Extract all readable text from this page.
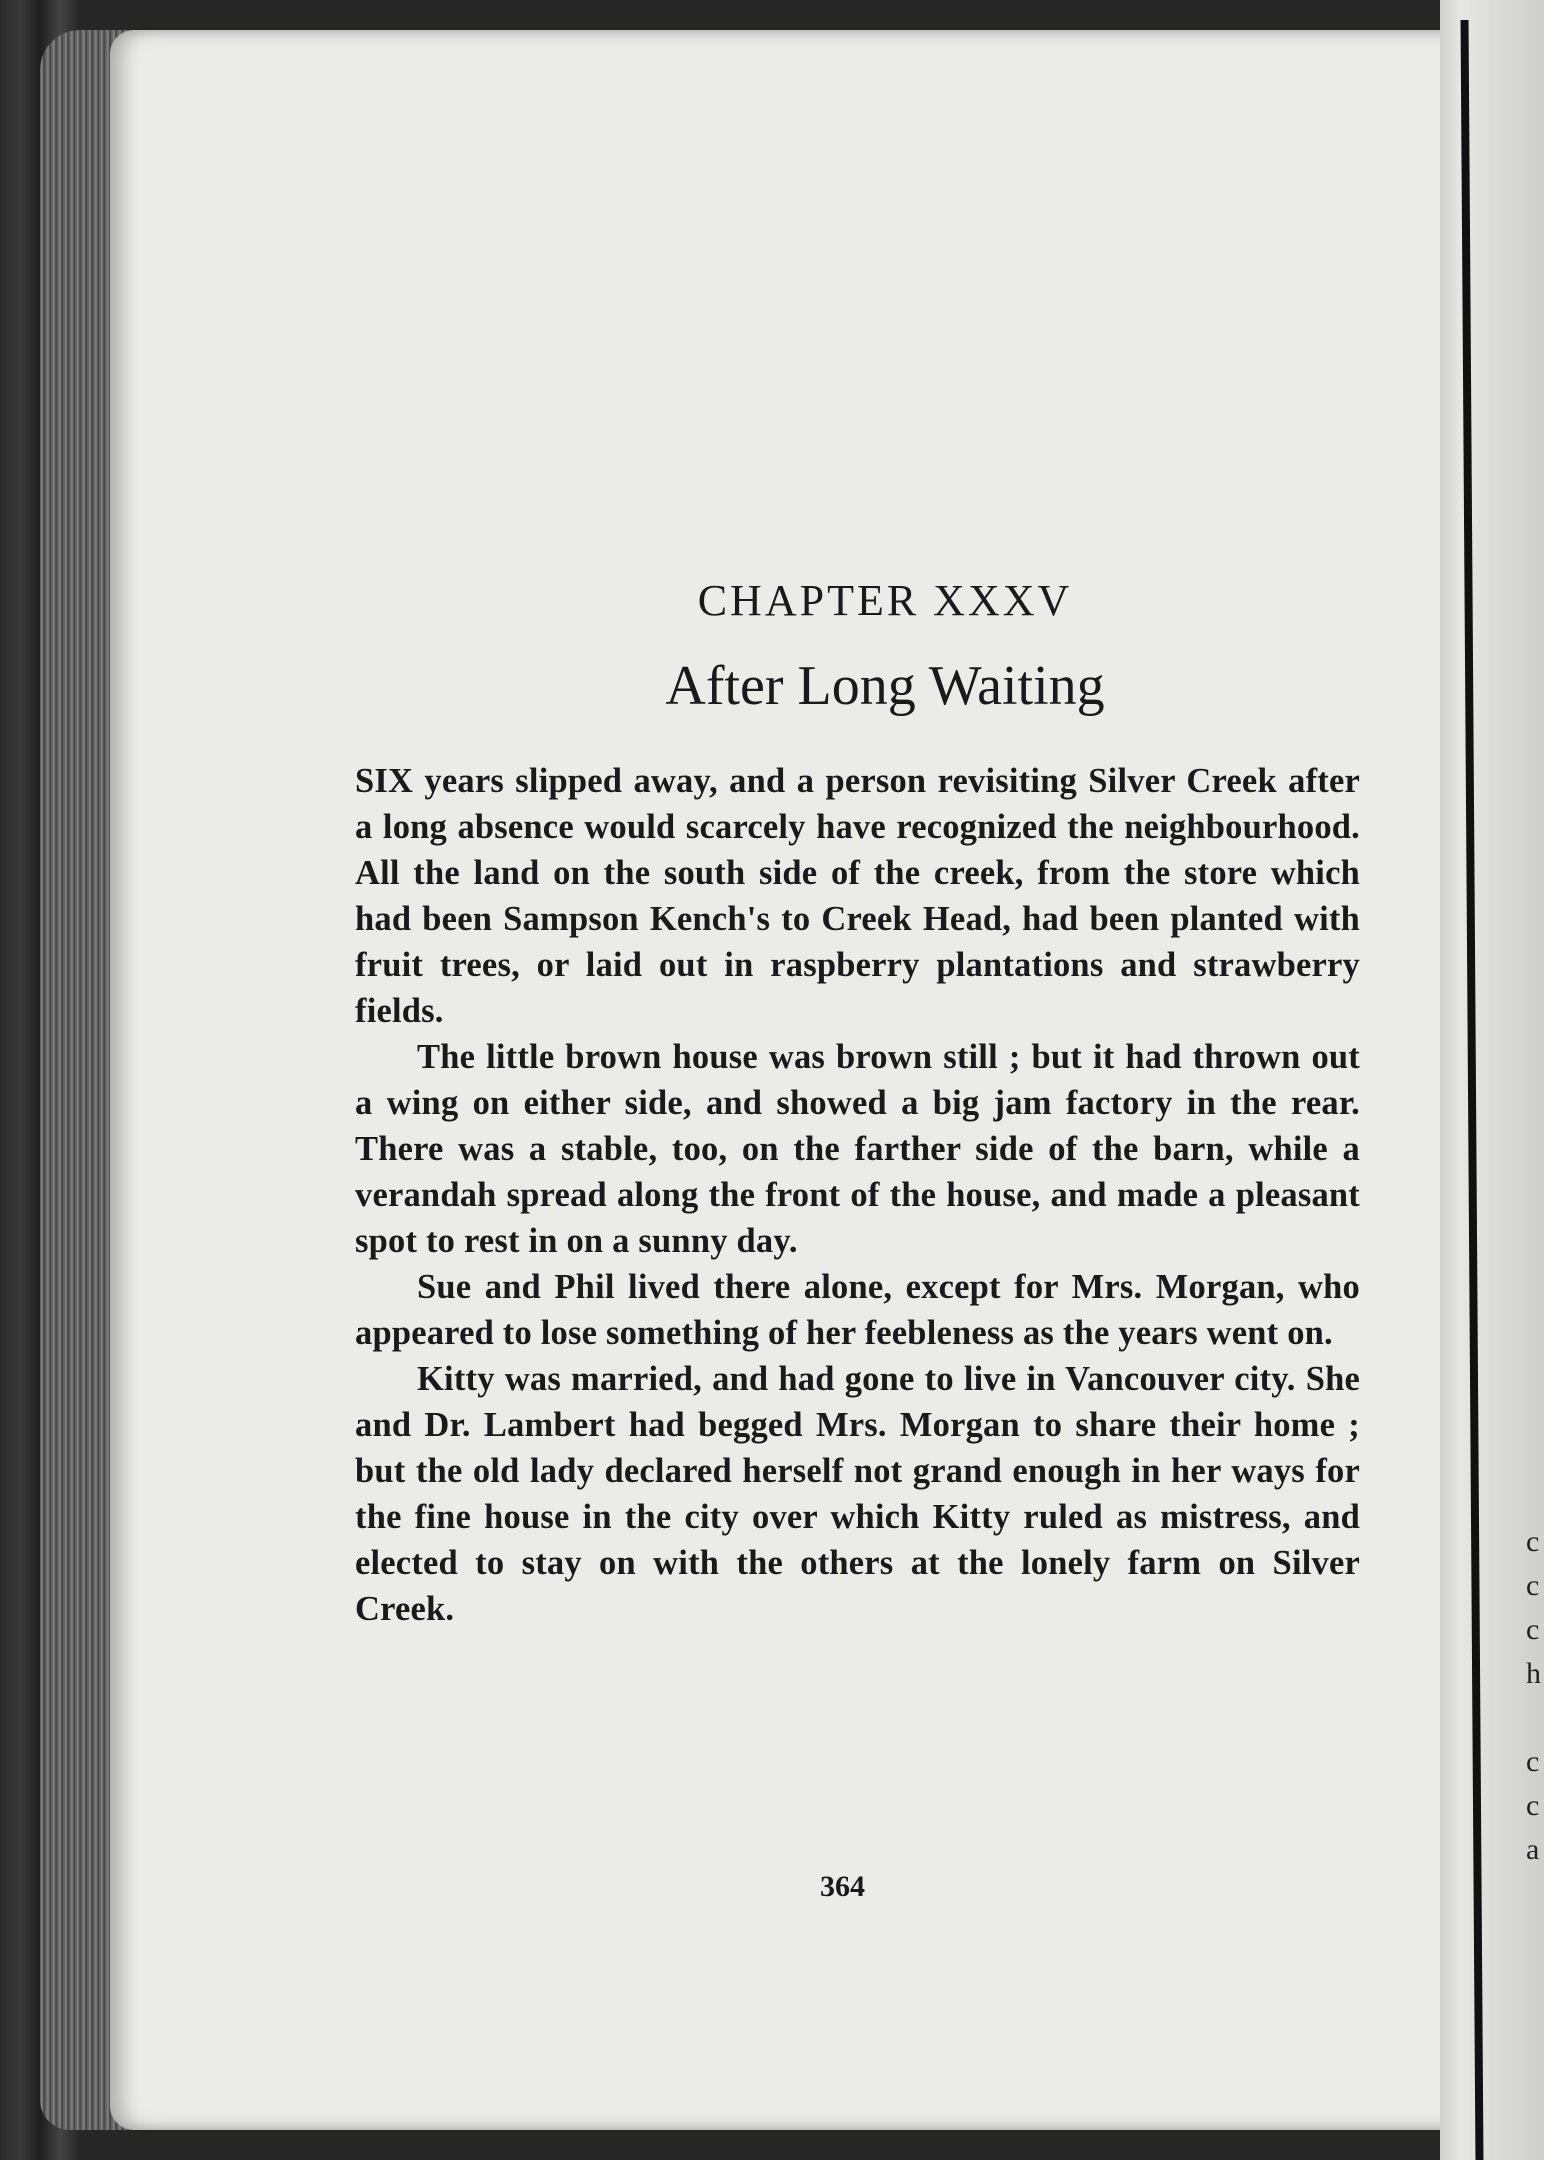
c
c
c
h

c
c
a
CHAPTER XXXV
After Long Waiting

SIX years slipped away, and a person revisiting Silver Creek after a long absence would scarcely have recognized the neighbourhood. All the land on the south side of the creek, from the store which had been Sampson Kench's to Creek Head, had been planted with fruit trees, or laid out in raspberry plantations and strawberry fields.

The little brown house was brown still ; but it had thrown out a wing on either side, and showed a big jam factory in the rear. There was a stable, too, on the farther side of the barn, while a verandah spread along the front of the house, and made a pleasant spot to rest in on a sunny day.

Sue and Phil lived there alone, except for Mrs. Morgan, who appeared to lose something of her feebleness as the years went on.

Kitty was married, and had gone to live in Vancouver city. She and Dr. Lambert had begged Mrs. Morgan to share their home ; but the old lady declared herself not grand enough in her ways for the fine house in the city over which Kitty ruled as mistress, and elected to stay on with the others at the lonely farm on Silver Creek.

364
